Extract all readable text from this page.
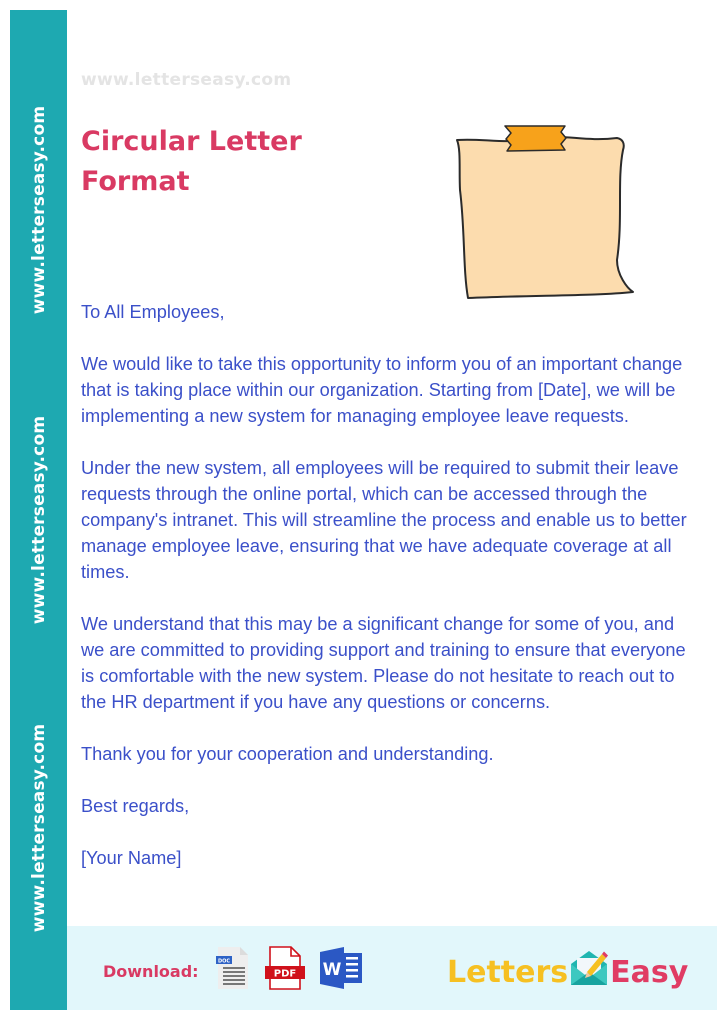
www.letterseasy.com
www.letterseasy.com
www.letterseasy.com
www.letterseasy.com
Circular Letter
Format

To All Employees,

We would like to take this opportunity to inform you of an important change that is taking place within our organization. Starting from [Date], we will be implementing a new system for managing employee leave requests.

Under the new system, all employees will be required to submit their leave requests through the online portal, which can be accessed through the company's intranet. This will streamline the process and enable us to better manage employee leave, ensuring that we have adequate coverage at all times.

We understand that this may be a significant change for some of you, and we are committed to providing support and training to ensure that everyone is comfortable with the new system. Please do not hesitate to reach out to the HR department if you have any questions or concerns.

Thank you for your cooperation and understanding.

Best regards,

[Your Name]

Download:
DOC
PDF W	Letters Easy
